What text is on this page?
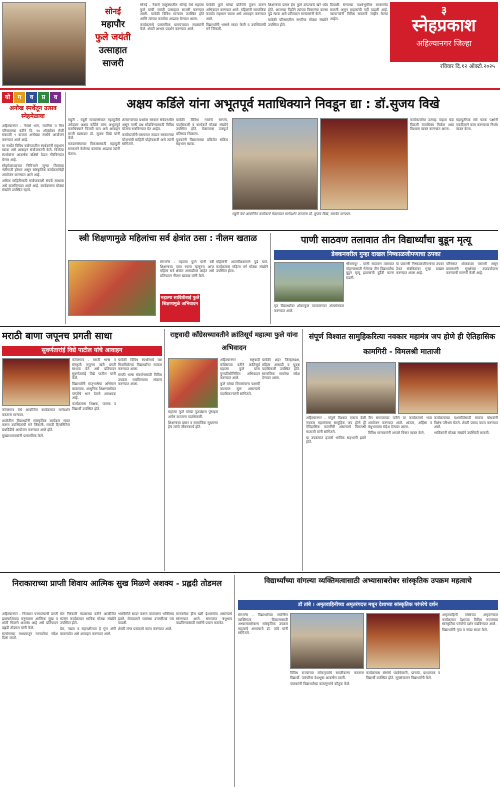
सोनई
महापौर
फुले जयंती
उत्साहात
साजरी

सोनई - नेवासे तालुक्यातील सोनई येथे महात्मा फुले यांची जयंती उत्साहात साजरी करण्यात आली. यावेळी विविध मान्यवर उपस्थित होते आणि त्यांच्या कार्याचा आढावा घेण्यात आला.

कार्यक्रमाचे प्रास्ताविक ग्रामपंचायत सदस्यांनी केले. शेवटी आभार प्रदर्शन करण्यात आले.

यावेळी फुले यांच्या प्रतिमेचे पूजन करून अभिवादन करण्यात आले. महिलांनी सामाजिक कार्यात सहभाग घ्यावा असे आवाहन करण्यात आले.

विद्यार्थ्यांनी भाषणे सादर केली व उपस्थितांची मने जिंकली.

शिक्षणाचा प्रसार हेच फुले दांपत्याचे खरे ध्येय होते. आजच्या पिढीने त्यांच्या विचारांचा वारसा पुढे न्यावा असे प्रतिपादन मान्यवरांनी केले.

यावेळी परिसरातील नागरिक मोठ्या संख्येने उपस्थित होते.

दिवाळी सणाच्या पार्श्वभूमीवर बाजारपेठ सजली असून ग्राहकांची गर्दी वाढली आहे. व्यापाऱ्यांनी विविध सवलती जाहीर केल्या आहेत.

३
स्नेहप्रकाश
अहिल्यानगर जिल्हा
रविवार दि.१२ ऑक्टो.२०२५
यो	ग	व	प्र	व
अनोख स्पर्धेतून उत्सव स्नेहमेळावा

अहिल्यानगर - नेवासे भाग, रायगिरा व मित्र परिवाराच्या वतीने दि. १४ ऑक्टोबर रोजी सकाळी ९ वाजता अनोख्या स्पर्धेचे आयोजन करण्यात आले आहे.

या स्पर्धेत विविध वयोगटातील स्पर्धकांनी सहभाग घ्यावा असे आवाहन संयोजकांनी केले. विजेत्या स्पर्धकांना आकर्षक बक्षिसे देऊन गौरविण्यात येणार आहे.

स्नेहमेळाव्याच्या निमित्ताने जुन्या मित्रांच्या भेटीगाठी होणार असून सांस्कृतिक कार्यक्रमांचेही आयोजन करण्यात आले आहे.

अधिक माहितीसाठी संयोजकांशी संपर्क साधावा असे कळविण्यात आले आहे. कार्यक्रमास मोठ्या संख्येने उपस्थित रहावे.

अक्षय कर्डिले यांना अभूतपूर्व मताधिक्याने निवडून द्या : डॉ.सुजय विखे

राहुरी - राहुरी मतदारसंघात महायुतीचे उमेदवार अक्षय कर्डिले यांना अभूतपूर्व मताधिक्याने विजयी करा असे आवाहन माजी खासदार डॉ. सुजय विखे यांनी केले.

मतदारसंघाच्या विकासासाठी महायुती सरकारने केलेल्या कामांचा आढावा त्यांनी घेतला.

शेतकऱ्यांच्या प्रश्नांवर सरकार संवेदनशील असून पाणी प्रश्न सोडविण्यासाठी विविध योजना राबविण्यात येत आहेत.

कार्यकर्त्यांनी घराघरात जाऊन सरकारच्या योजनांची माहिती पोहोचवावी असे त्यांनी सांगितले.

यावेळी विविध गावांचे सरपंच, पदाधिकारी व कार्यकर्ते मोठ्या संख्येने उपस्थित होते. मेळाव्यास उत्स्फूर्त प्रतिसाद मिळाला.

युवकांनी विकासाच्या प्रक्रियेत सक्रिय सहभाग घ्यावा.

कार्यकर्त्यांचा उत्साह पाहता यंदा विक्रमी मताधिक्य मिळेल असा विश्वास व्यक्त करण्यात आला.

महायुतीच्या सर्व घटक पक्षांनी एकदिलाने काम करण्याचा निर्धार व्यक्त केला.

राहुरी येथे आयोजित कार्यकर्ता मेळाव्यात मार्गदर्शन करताना डॉ. सुजय विखे, समवेत मान्यवर.

स्त्री शिक्षणामुळे महिलांचा सर्व क्षेत्रांत ठसा : नीलम खताळ

संगमनेर - महात्मा फुले यांनी स्त्री शिक्षणाचा पाया रचला म्हणूनच आज महिला सर्व क्षेत्रांत आघाडीवर आहेत असे प्रतिपादन नीलम खताळ यांनी केले.

महिलांनी आत्मविश्वासाने पुढे यावे. कार्यक्रमास महिला वर्ग मोठ्या संख्येने उपस्थित होता.

महात्मा सावित्रीबाई फुले शिक्षणामुळे अभिवादन
पाणी साठवण तलावात तीन विद्यार्थ्यांचा बुडून मृत्यू
डेक्कनवरील गुन्हा दाखल निष्काळजीपणाचा ठपका

श्रीरामपूर - पाणी साठवण तलावात पोहण्यासाठी गेलेल्या तीन विद्यार्थ्यांचा बुडून मृत्यू झाल्याची दुर्दैवी घटना घडली.

या प्रकरणी निष्काळजीपणाचा ठपका ठेवत संबंधितांवर गुन्हा दाखल करण्यात आला आहे.

परिसरात शोककळा पसरली असून ग्रामस्थांनी सुरक्षेच्या उपाययोजना करण्याची मागणी केली आहे.

मृत विद्यार्थ्यांवर शोकाकुल वातावरणात अंत्यसंस्कार करण्यात आले.

मराठी बाणा जपूनच प्रगती साधा
सुवर्णतारांई विद्ये पाटील यांचे आवाहन

कोपरगाव - मराठी भाषा व संस्कृती जपूनच खरी प्रगती साधता येते असे प्रतिपादन सुवर्णतारांई विद्ये पाटील यांनी केले.

विद्यार्थ्यांनी मातृभाषेचा अभिमान बाळगावा. आधुनिक शिक्षणासोबत परंपरेचे भान ठेवणे आवश्यक आहे.

कार्यक्रमास शिक्षक, पालक व विद्यार्थी उपस्थित होते.

यावेळी विविध स्पर्धांमध्ये यश मिळविलेल्या विद्यार्थ्यांचा सत्कार करण्यात आला.

मराठी भाषा संवर्धनासाठी विविध उपक्रम राबविण्याचा संकल्प करण्यात आला.

कोपरगाव येथे आयोजित कार्यक्रमात मार्गदर्शन करताना मान्यवर.

शाळेतील विद्यार्थ्यांनी सांस्कृतिक कार्यक्रम सादर करून उपस्थितांची मने जिंकली. मराठी दिनानिमित्त ग्रंथदिंडीचे आयोजन करण्यात आले होते.

मुख्याध्यापकांनी प्रास्ताविक केले.

राष्ट्रवादी कॉंग्रेसच्यावतीने क्रांतिसूर्य महात्मा फुले यांना अभिवादन

अहिल्यानगर - राष्ट्रवादी कॉंग्रेसच्या वतीने क्रांतिसूर्य महात्मा फुले यांना पुण्यतिथीनिमित्त अभिवादन करण्यात आले.

फुले यांच्या विचारांवरच पक्षाची वाटचाल सुरू असल्याचे पदाधिकाऱ्यांनी सांगितले.

यावेळी शहर जिल्हाध्यक्ष, महिला आघाडी व युवक पदाधिकारी उपस्थित होते. सामाजिक समतेचा संदेश देण्यात आला.

महात्मा फुले यांच्या पुतळ्यास पुष्पहार अर्पण करताना पदाधिकारी.

शिक्षणाचा प्रसार व सामाजिक सुधारणा हेच त्यांचे जीवनकार्य होते.

संपूर्ण विश्वात सामुहिकरित्या नवकार महामंत्र जप होणे ही ऐतिहासिक कामगिरी - विमलश्री माताजी

अहिल्यानगर - संपूर्ण विश्वात एकाच वेळी नवकार महामंत्राचा सामुहिक जप होणे ही ऐतिहासिक कामगिरी असल्याचे विमलश्री माताजी यांनी सांगितले.

या उपक्रमात हजारो भाविक सहभागी झाले होते.

जैन समाजाच्या वतीने या कार्यक्रमाचे भव्य आयोजन करण्यात आले. शांतता, अहिंसा व बंधुभावाचा संदेश देण्यात आला.

विविध मान्यवरांनी आपले विचार व्यक्त केले.

कार्यक्रमाच्या यशस्वीतेसाठी समाज बांधवांनी विशेष परिश्रम घेतले. शेवटी प्रसाद वाटप करण्यात आले.

भाविकांनी मोठ्या संख्येने उपस्थिती लावली.

निराकाराच्या प्राप्ती शिवाय आत्मिक सुख मिळणे अशक्य - प्रह्लदी तोडमल

अहिल्यानगर - निराकार परमात्म्याची प्राप्ती झाल्याशिवाय मनुष्याला आत्मिक सुख व शांती मिळणे अशक्य आहे असे प्रतिपादन प्रह्लदी तोडमल यांनी केले.

सत्संगाच्या माध्यमातून मानवतेचा संदेश दिला जातो.

संत निरंकारी मंडळाच्या वतीने आयोजित सत्संग कार्यक्रमात भाविक मोठ्या संख्येने उपस्थित होते.

प्रेम, नम्रता व सहनशीलता हे गुण अंगी बाळगावेत असे आवाहन करण्यात आले.

भक्तीगीते सादर करून वातावरण भक्तिमय झाले. सेवादलाने व्यवस्था उत्तमरीत्या पार पाडली.

शेवटी लंगर प्रसादाचे वाटप करण्यात आले.

मानवसेवा हीच खरी ईश्वरसेवा असल्याचे सांगण्यात आले. समाजात बंधुभाव वाढविण्यासाठी सर्वांनी प्रयत्न करावेत.

विद्यार्थ्यांच्या वांगल्या व्यक्तिमत्वासाठी अभ्यासाबरोबर सांस्कृतिक उपक्रम महत्वाचे
डॉ तांबे । अमृतवाहिनीच्या अमृतरंगदत्त मधून देशाच्या सांस्कृतिक परंपरेचे दर्शन

संगमनेर - विद्यार्थ्यांच्या सर्वांगीण व्यक्तिमत्व विकासासाठी अभ्यासाबरोबरच सांस्कृतिक उपक्रम महत्वाचे असल्याचे डॉ. तांबे यांनी सांगितले.

अमृतवाहिनी संस्थेच्या अमृतरंगदत्त कार्यक्रमात देशाच्या विविध राज्यांच्या सांस्कृतिक परंपरेचे दर्शन घडविण्यात आले.

विद्यार्थ्यांनी नृत्य व नाट्य सादर केले.

विविध राज्यांच्या लोकनृत्यांचे सादरीकरण करताना विद्यार्थी. पारंपरिक वेशभूषा आकर्षण ठरली.

पालकांनी विद्यार्थ्यांच्या कलागुणांचे कौतुक केले.

कार्यक्रमास संस्थेचे पदाधिकारी, प्राचार्य, प्राध्यापक व विद्यार्थी उपस्थित होते. सूत्रसंचालन विद्यार्थ्यांनी केले.
